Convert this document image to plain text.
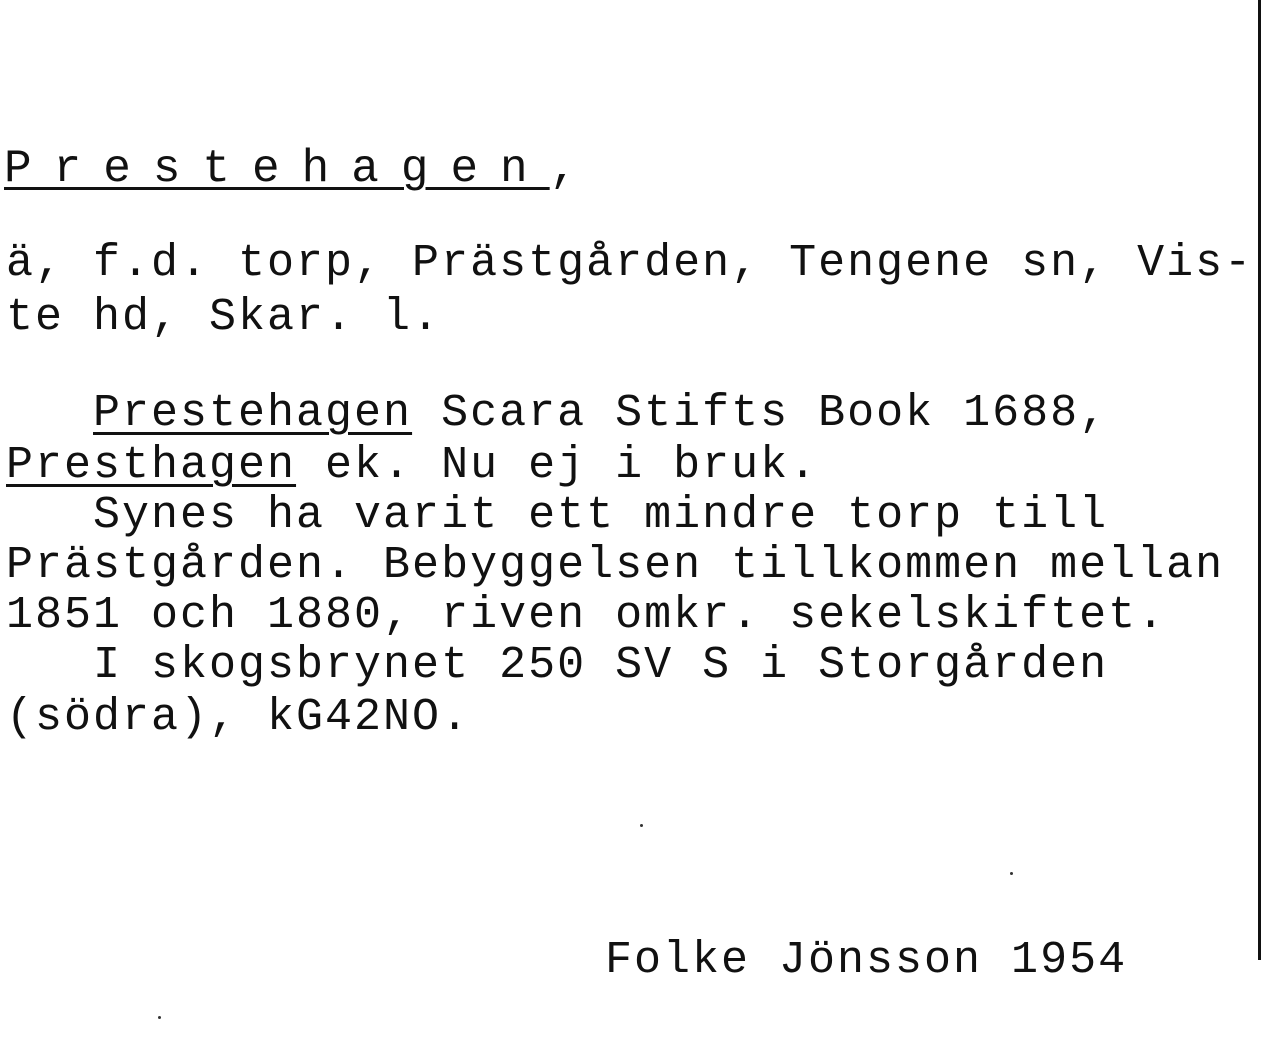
Prestehagen,
ä, f.d. torp, Prästgården, Tengene sn, Vis-
te hd, Skar. l.
Prestehagen Scara Stifts Book 1688,
Presthagen ek. Nu ej i bruk.
Synes ha varit ett mindre torp till
Prästgården. Bebyggelsen tillkommen mellan
1851 och 1880, riven omkr. sekelskiftet.
I skogsbrynet 250 SV S i Storgården
(södra), kG42NO.
Folke Jönsson 1954
